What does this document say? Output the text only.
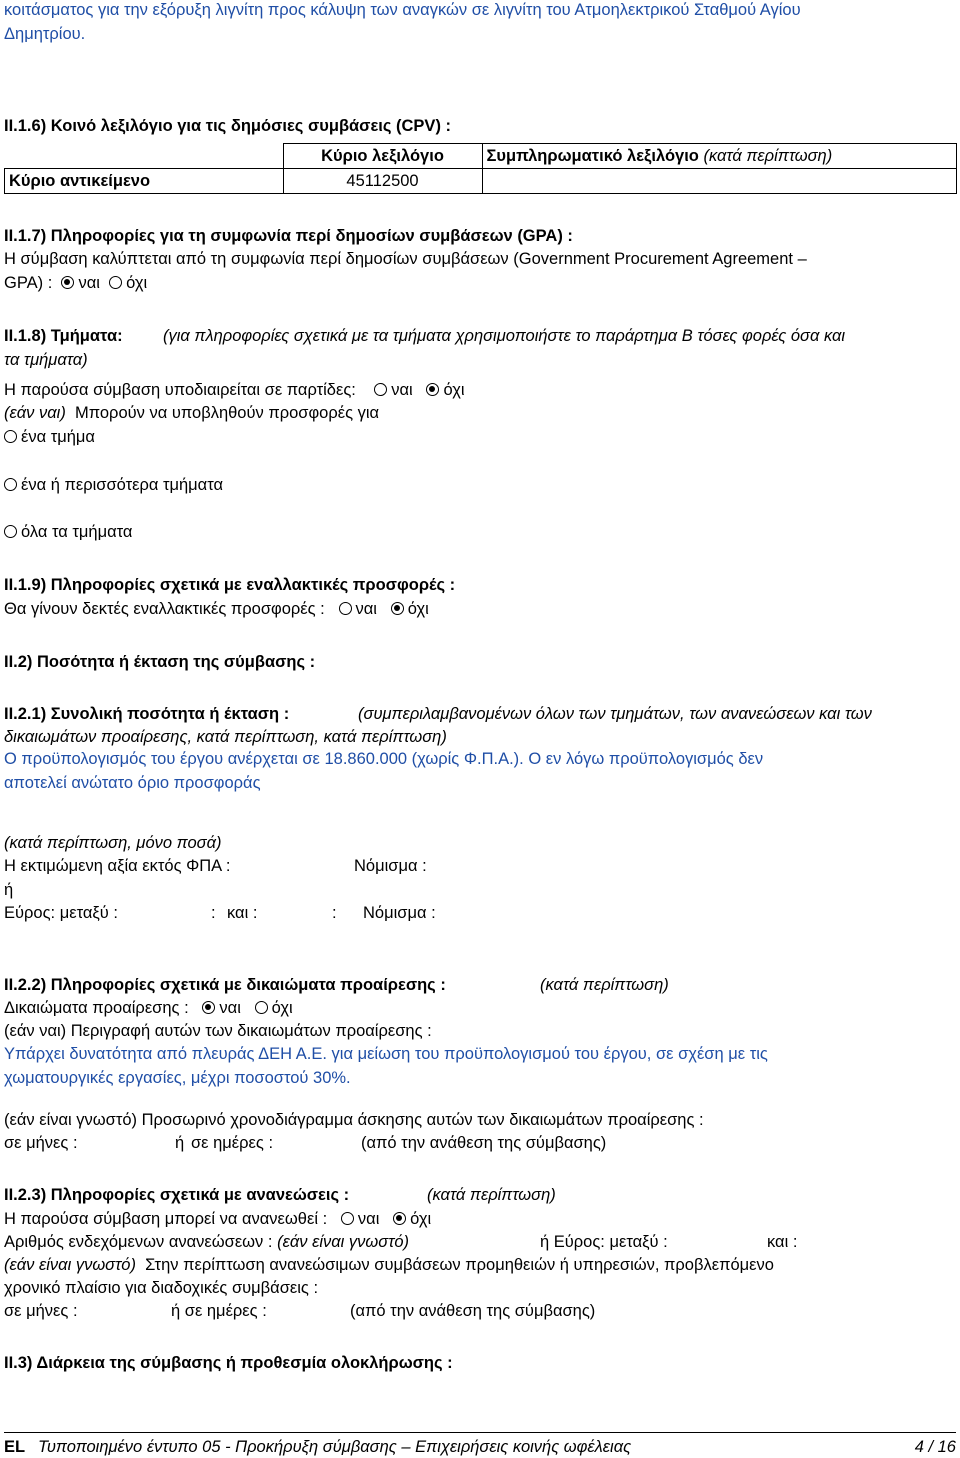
κοιτάσματος για την εξόρυξη λιγνίτη προς κάλυψη των αναγκών σε λιγνίτη του Ατμοηλεκτρικού Σταθμού Αγίου
Δημητρίου.
ΙΙ.1.6) Κοινό λεξιλόγιο για τις δημόσιες συμβάσεις (CPV) :
	Κύριο λεξιλόγιο	Συμπληρωματικό λεξιλόγιο (κατά περίπτωση)
Κύριο αντικείμενο	45112500	
ΙΙ.1.7) Πληροφορίες για τη συμφωνία περί δημοσίων συμβάσεων (GPA) :
Η σύμβαση καλύπτεται από τη συμφωνία περί δημοσίων συμβάσεων (Government Procurement Agreement –
GPA) : ναι όχι
ΙΙ.1.8) Τμήματα: (για πληροφορίες σχετικά με τα τμήματα χρησιμοποιήστε το παράρτημα Β τόσες φορές όσα και
τα τμήματα)
Η παρούσα σύμβαση υποδιαιρείται σε παρτίδες: ναι όχι
(εάν ναι) Μπορούν να υποβληθούν προσφορές για
ένα τμήμα
ένα ή περισσότερα τμήματα
όλα τα τμήματα
ΙΙ.1.9) Πληροφορίες σχετικά με εναλλακτικές προσφορές :
Θα γίνουν δεκτές εναλλακτικές προσφορές : ναι όχι
ΙΙ.2) Ποσότητα ή έκταση της σύμβασης :
ΙΙ.2.1) Συνολική ποσότητα ή έκταση :	(συμπεριλαμβανομένων όλων των τμημάτων, των ανανεώσεων και των
δικαιωμάτων προαίρεσης, κατά περίπτωση, κατά περίπτωση)
Ο προϋπολογισμός του έργου ανέρχεται σε 18.860.000 (χωρίς Φ.Π.Α.). Ο εν λόγω προϋπολογισμός δεν
αποτελεί ανώτατο όριο προσφοράς
(κατά περίπτωση, μόνο ποσά)
Η εκτιμώμενη αξία εκτός ΦΠΑ :	Νόμισμα :
ή
Εύρος: μεταξύ :	: και :	: Νόμισμα :
ΙΙ.2.2) Πληροφορίες σχετικά με δικαιώματα προαίρεσης :	(κατά περίπτωση)
Δικαιώματα προαίρεσης : ναι όχι
(εάν ναι) Περιγραφή αυτών των δικαιωμάτων προαίρεσης :
Υπάρχει δυνατότητα από πλευράς ΔΕΗ Α.Ε. για μείωση του προϋπολογισμού του έργου, σε σχέση με τις
χωματουργικές εργασίες, μέχρι ποσοστού 30%.
(εάν είναι γνωστό) Προσωρινό χρονοδιάγραμμα άσκησης αυτών των δικαιωμάτων προαίρεσης :
σε μήνες :	ή σε ημέρες :	(από την ανάθεση της σύμβασης)
ΙΙ.2.3) Πληροφορίες σχετικά με ανανεώσεις :	(κατά περίπτωση)
Η παρούσα σύμβαση μπορεί να ανανεωθεί : ναι όχι
Αριθμός ενδεχόμενων ανανεώσεων : (εάν είναι γνωστό)	ή Εύρος: μεταξύ :	και :
(εάν είναι γνωστό) Στην περίπτωση ανανεώσιμων συμβάσεων προμηθειών ή υπηρεσιών, προβλεπόμενο
χρονικό πλαίσιο για διαδοχικές συμβάσεις :
σε μήνες :	ή σε ημέρες :	(από την ανάθεση της σύμβασης)
ΙΙ.3) Διάρκεια της σύμβασης ή προθεσμία ολοκλήρωσης :
EL Τυποποιημένο έντυπο 05 - Προκήρυξη σύμβασης – Επιχειρήσεις κοινής ωφέλειας	4 / 16
